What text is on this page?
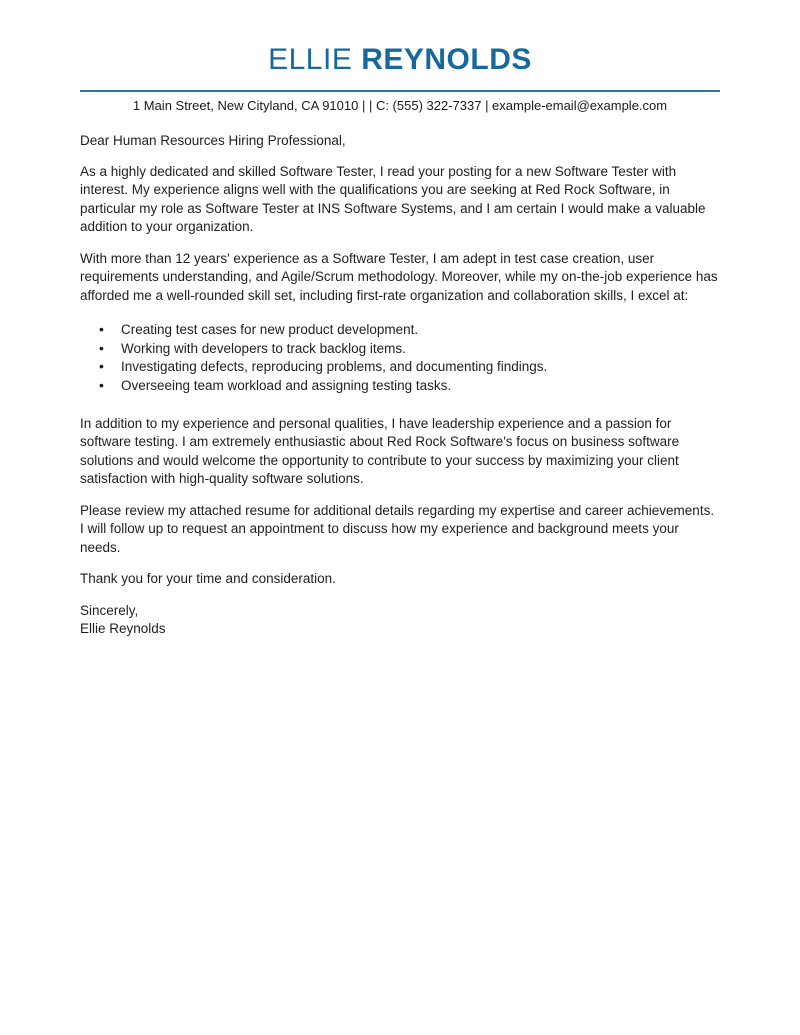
ELLIE REYNOLDS
1 Main Street, New Cityland, CA 91010 | | C: (555) 322-7337 | example-email@example.com

Dear Human Resources Hiring Professional,

As a highly dedicated and skilled Software Tester, I read your posting for a new Software Tester with interest. My experience aligns well with the qualifications you are seeking at Red Rock Software, in particular my role as Software Tester at INS Software Systems, and I am certain I would make a valuable addition to your organization.

With more than 12 years' experience as a Software Tester, I am adept in test case creation, user requirements understanding, and Agile/Scrum methodology. Moreover, while my on-the-job experience has afforded me a well-rounded skill set, including first-rate organization and collaboration skills, I excel at:

• Creating test cases for new product development.
• Working with developers to track backlog items.
• Investigating defects, reproducing problems, and documenting findings.
• Overseeing team workload and assigning testing tasks.

In addition to my experience and personal qualities, I have leadership experience and a passion for software testing. I am extremely enthusiastic about Red Rock Software's focus on business software solutions and would welcome the opportunity to contribute to your success by maximizing your client satisfaction with high-quality software solutions.

Please review my attached resume for additional details regarding my expertise and career achievements. I will follow up to request an appointment to discuss how my experience and background meets your needs.

Thank you for your time and consideration.

Sincerely,

Ellie Reynolds
